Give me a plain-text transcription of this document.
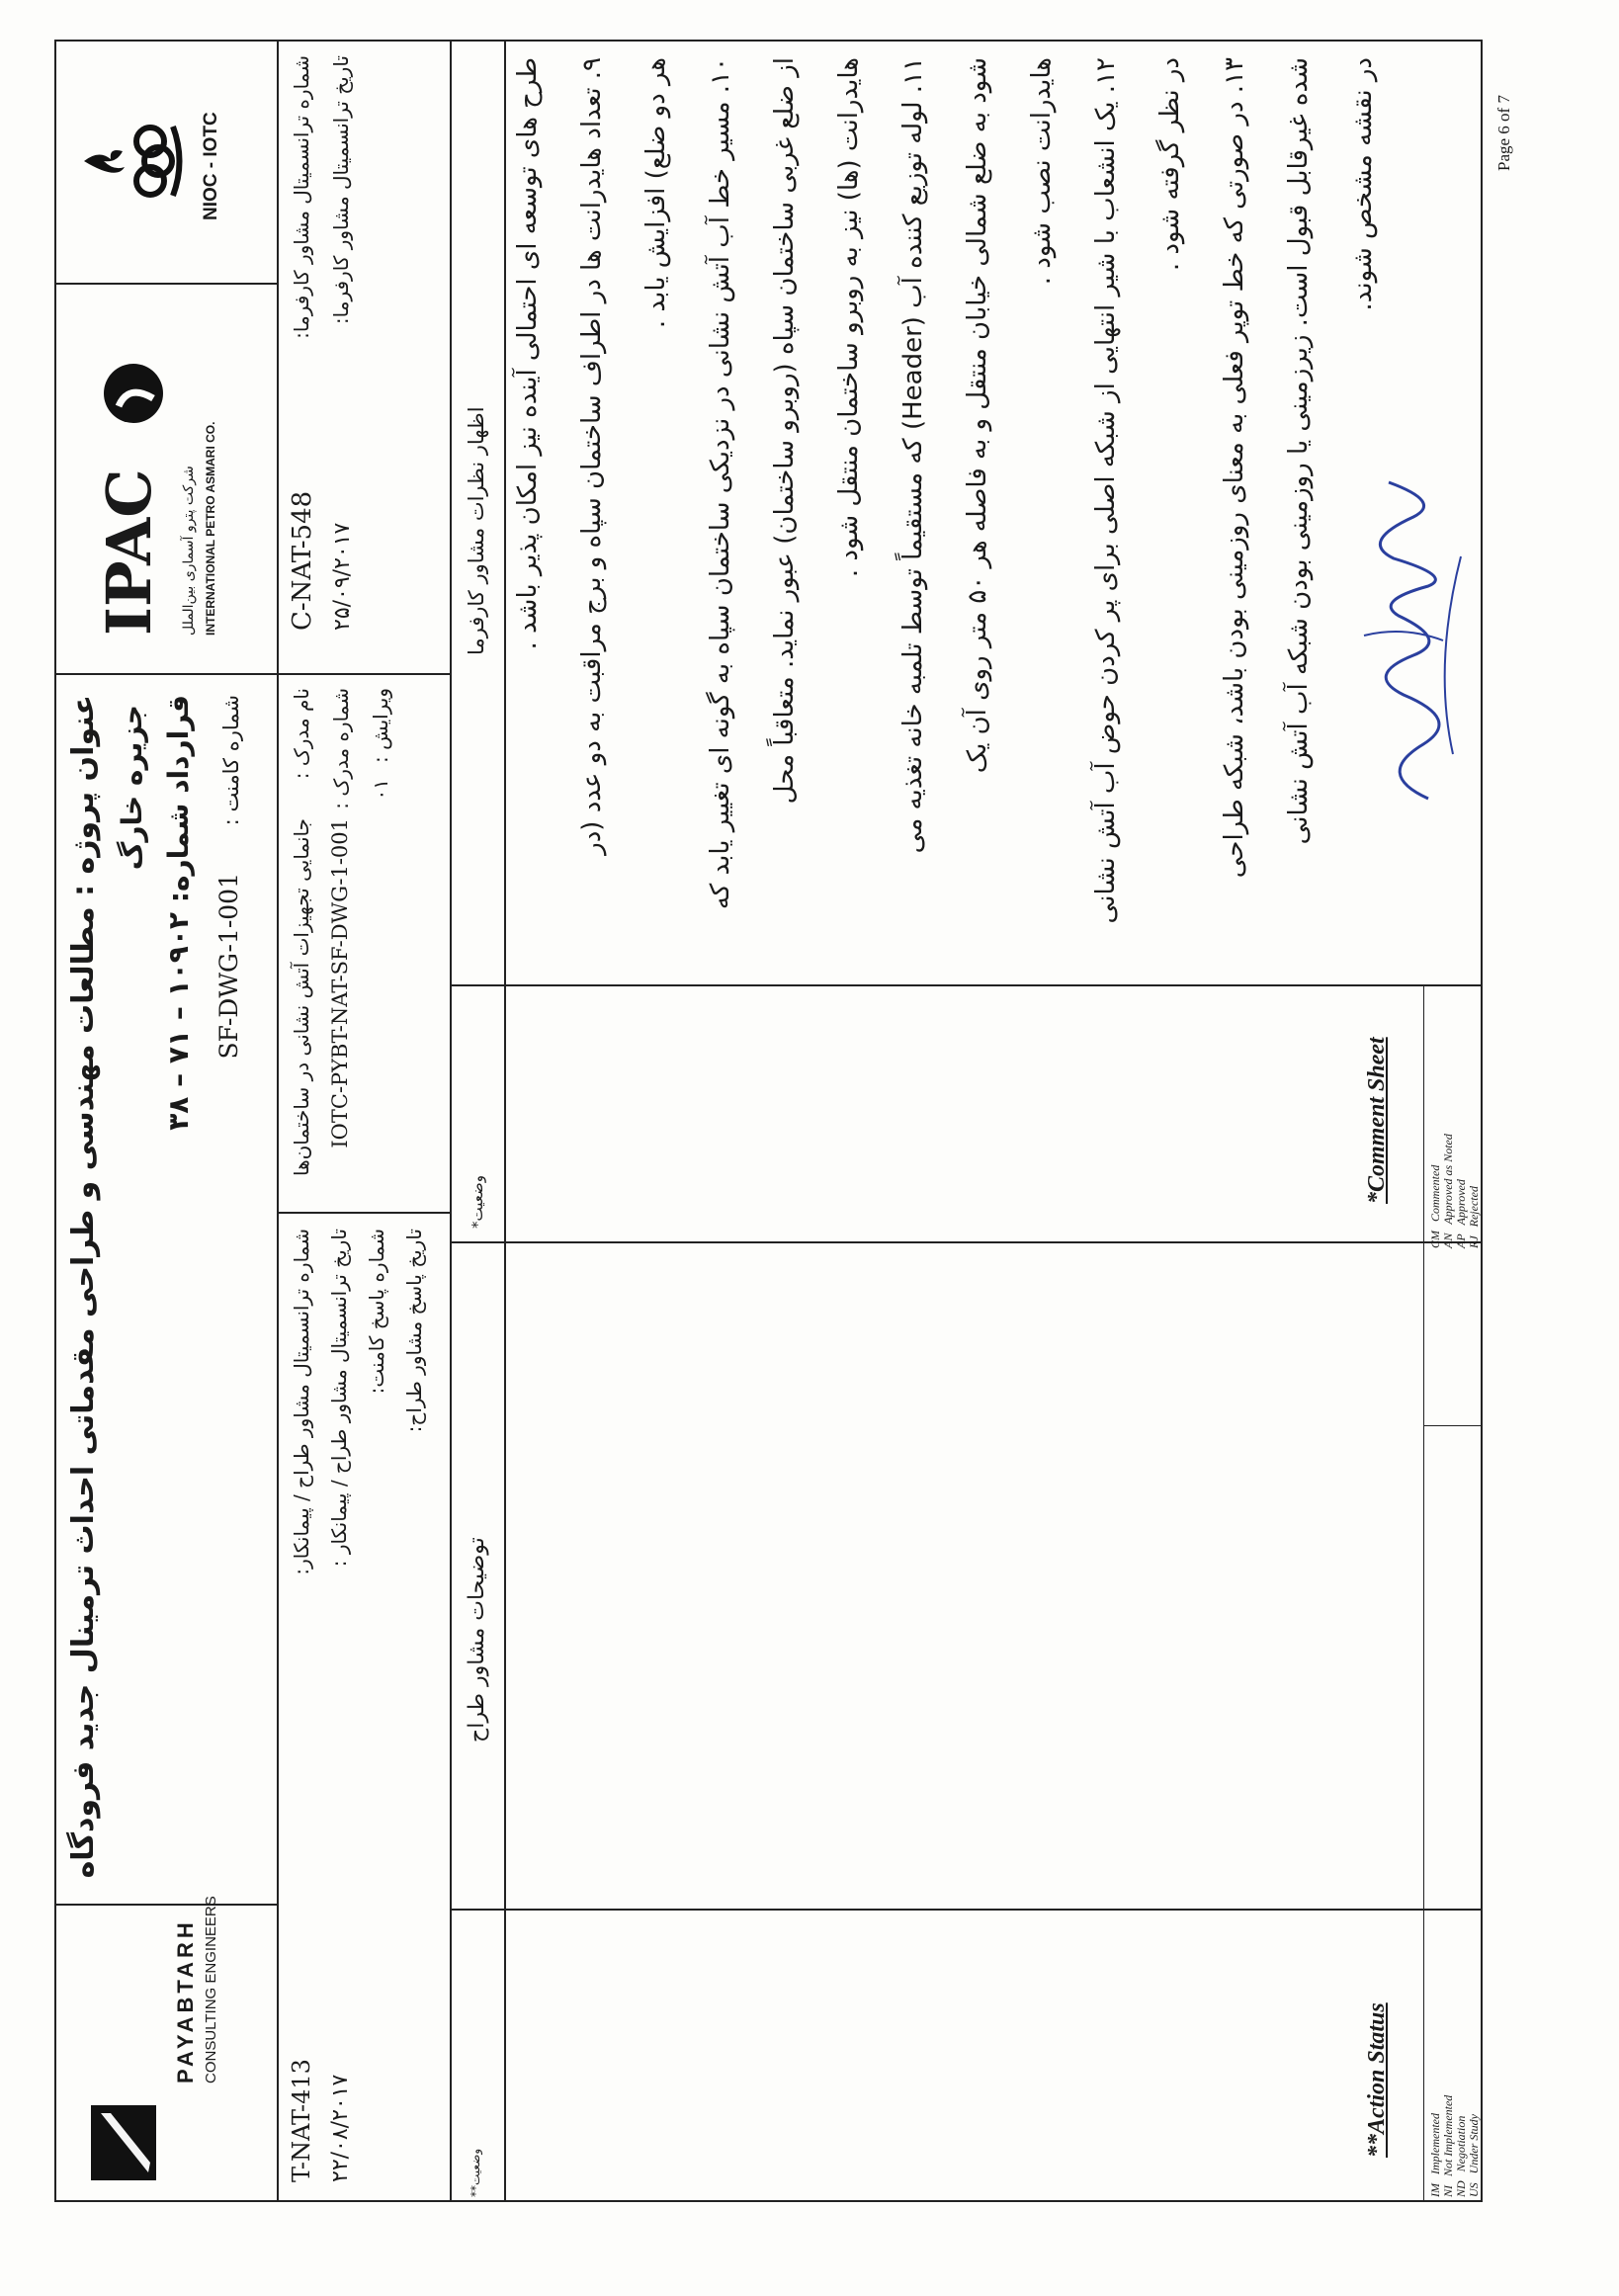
PAYABTARH CONSULTING ENGINEERS
IPAC شرکت پترو آسماری بین‌الملل INTERNATIONAL PETRO ASMARI CO.
NIOC - IOTC
عنوان پروژه : مطالعات مهندسی و طراحی مقدماتی احداث ترمینال جدید فرودگاه جزیره خارگ
قرارداد شماره: ۱۰۹۰۲ – ۷۱ – ۳۸ شماره کامنت :
SF-DWG-1-001
شماره ترانسمیتال مشاور طراح / پیمانکار:
T-NAT-413
تاریخ ترانسمیتال مشاور طراح / پیمانکار :
۲۲/۰۸/۲۰۱۷
شماره پاسخ کامنت: تاریخ پاسخ مشاور طراح:
نام مدرک :
جانمایی تجهیزات آتش نشانی در ساختمان‌ها
شماره مدرک :
IOTC-PYBT-NAT-SF-DWG-1-001
ویرایش :
۰۱
شماره ترانسمیتال مشاور کارفرما:
C-NAT-548
تاریخ ترانسمیتال مشاور کارفرما:
۲۵/۰۹/۲۰۱۷
وضعیت**
توضیحات مشاور طراح
وضعیت*
اظهار نظرات مشاور کارفرما طرح های توسعه ای احتمالی آینده نیز امکان پذیر باشد . ۹. تعداد هایدرانت ها در اطراف ساختمان سپاه و برج مراقبت به دو عدد (در هر دو ضلع) افزایش یابد . ۱۰. مسیر خط آب آتش نشانی در نزدیکی ساختمان سپاه به گونه ای تغییر یابد که از ضلع غربی ساختمان سپاه (روبرو ساختمان) عبور نماید. متعاقباً محل هایدرانت (ها) نیز به روبرو ساختمان منتقل شود .
۱۱. لوله توزیع کننده آب (Header) که مستقیماً توسط تلمبه خانه تغذیه می
شود به ضلع شمالی خیابان منتقل و به فاصله هر ۵۰ متر روی آن یک هایدرانت نصب شود . ۱۲. یک انشعاب با شیر انتهایی از شبکه اصلی برای پر کردن حوض آب آتش نشانی در نظر گرفته شود . ۱۳. در صورتی که خط توپر فعلی به معنای روزمینی بودن باشد، شبکه طراحی شده غیرقابل قبول است. زیرزمینی یا روزمینی بودن شبکه آب آتش نشانی در نقشه مشخص شوند.
**Action Status
IM   Implemented
NI   Not Implemented
ND   Negotiation
US   Under Study
*Comment Sheet
CM   Commented
AN   Approved as Noted
AP   Approved
RJ   Rejected
Page 6 of 7
